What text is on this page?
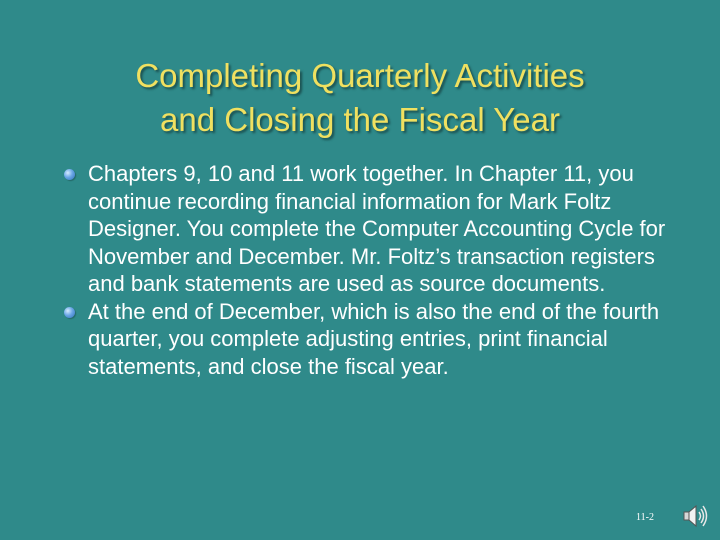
Completing Quarterly Activities
and Closing the Fiscal Year
Chapters 9, 10 and 11 work together. In Chapter 11, you continue recording financial information for Mark Foltz Designer. You complete the Computer Accounting Cycle for November and December. Mr. Foltz’s transaction registers and bank statements are used as source documents.
At the end of December, which is also the end of the fourth quarter, you complete adjusting entries, print financial statements, and close the fiscal year.
11-2
